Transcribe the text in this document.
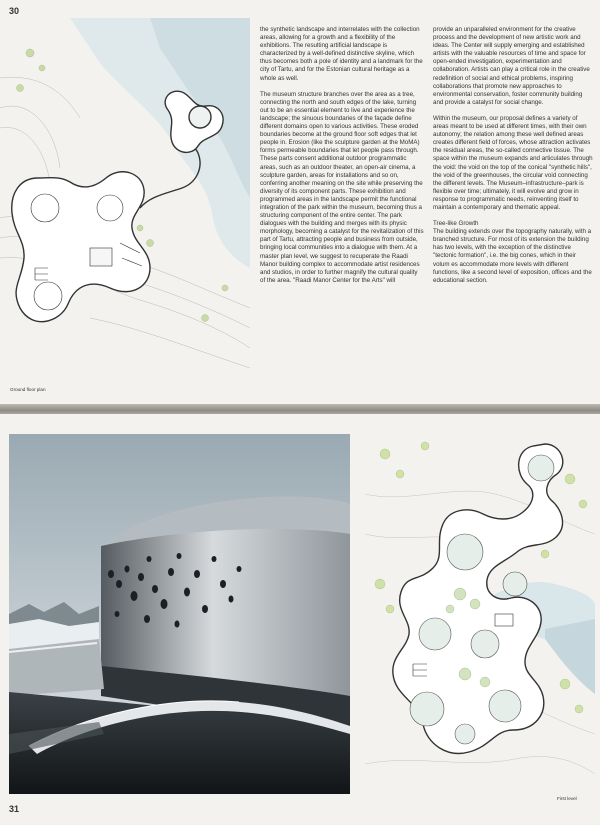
30
Ground floor plan

the synthetic landscape and interrelates with the collection areas, allowing for a growth and a flexibility of the exhibitions. The resulting artificial landscape is characterized by a well-defined distinctive skyline, which thus becomes both a pole of identity and a landmark for the city of Tartu, and for the Estonian cultural heritage as a whole as well.

The museum structure branches over the area as a tree, connecting the north and south edges of the lake, turning out to be an essential element to live and experience the landscape; the sinuous boundaries of the façade define different domains open to various activities. These eroded boundaries become at the ground floor soft edges that let people in. Erosion (like the sculpture garden at the MoMA) forms permeable boundaries that let people pass through. These parts consent additional outdoor programmatic areas, such as an outdoor theater, an open-air cinema, a sculpture garden, areas for installations and so on, conferring another meaning on the site while preserving the diversity of its component parts. These exhibition and programmed areas in the landscape permit the functional integration of the park within the museum, becoming thus a structuring component of the entire center. The park dialogues with the building and merges with its physic morphology, becoming a catalyst for the revitalization of this part of Tartu, attracting people and business from outside, bringing local communities into a dialogue with them. At a master plan level, we suggest to recuperate the Raadi Manor building complex to accommodate artist residences and studios, in order to further magnify the cultural quality of the area. "Raadi Manor Center for the Arts" will

provide an unparalleled environment for the creative process and the development of new artistic work and ideas. The Center will supply emerging and established artists with the valuable resources of time and space for open-ended investigation, experimentation and collaboration. Artists can play a critical role in the creative redefinition of social and ethical problems, inspiring collaborations that promote new approaches to environmental conservation, foster community building and provide a catalyst for social change.

Within the museum, our proposal defines a variety of areas meant to be used at different times, with their own autonomy; the relation among these well defined areas creates different field of forces, whose attraction activates the residual areas, the so-called connective tissue. The space within the museum expands and articulates through the void: the void on the top of the conical "synthetic hills", the void of the greenhouses, the circular void connecting the different levels. The Museum–infrastructure–park is flexible over time; ultimately, it will evolve and grow in response to programmatic needs, reinventing itself to maintain a contemporary and thematic appeal.

Tree-like Growth

The building extends over the topography naturally, with a branched structure. For most of its extension the building has two levels, with the exception of the distinctive "tectonic formation", i.e. the big cones, which in their volum es accommodate more levels with different functions, like a second level of exposition, offices and the educational section.

First level
31
